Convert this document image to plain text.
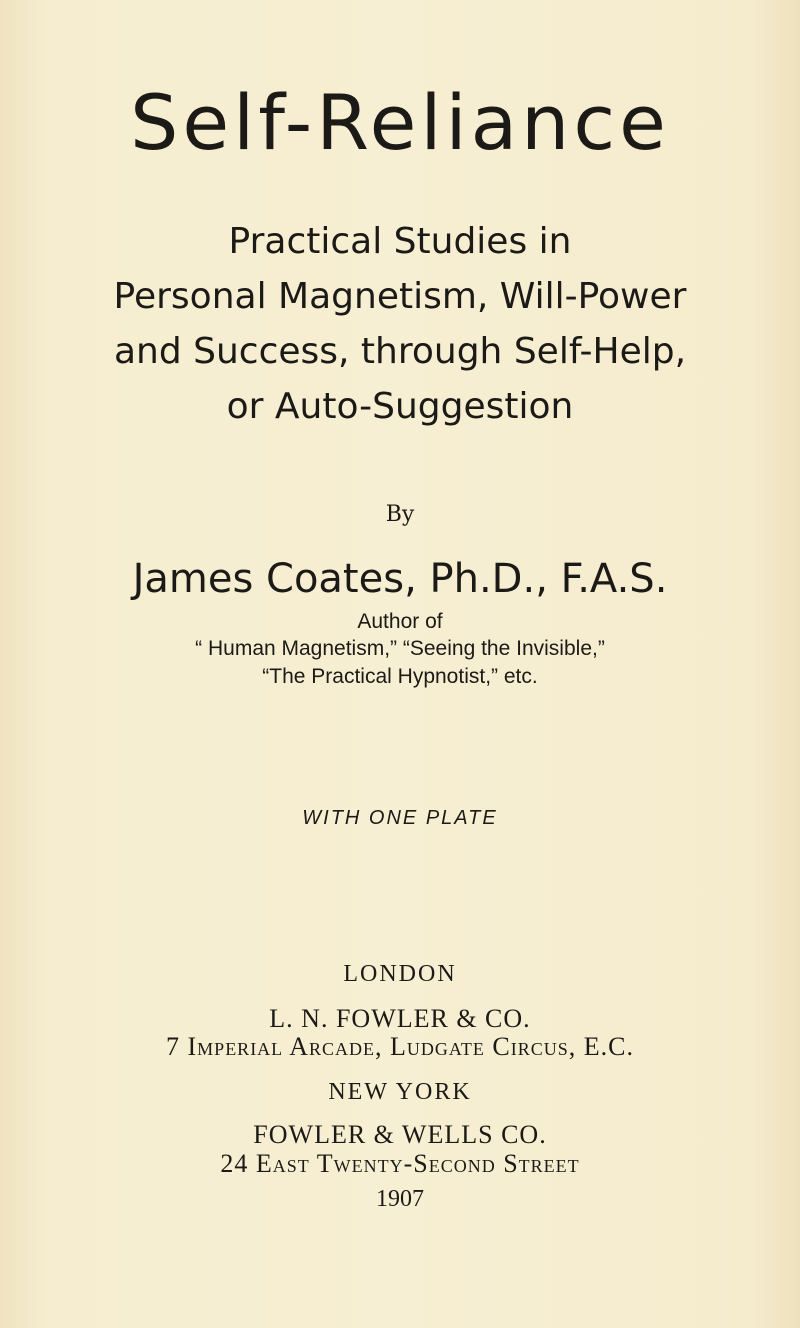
Self-Reliance

Practical Studies in

Personal Magnetism, Will-Power

and Success, through Self-Help,

or Auto-Suggestion

By

James Coates, Ph.D., F.A.S.

Author of

“ Human Magnetism,” “Seeing the Invisible,”

“The Practical Hypnotist,” etc.

WITH ONE PLATE

LONDON

L. N. FOWLER & CO.

7 Imperial Arcade, Ludgate Circus, E.C.

NEW YORK

FOWLER & WELLS CO.

24 East Twenty-Second Street

1907
